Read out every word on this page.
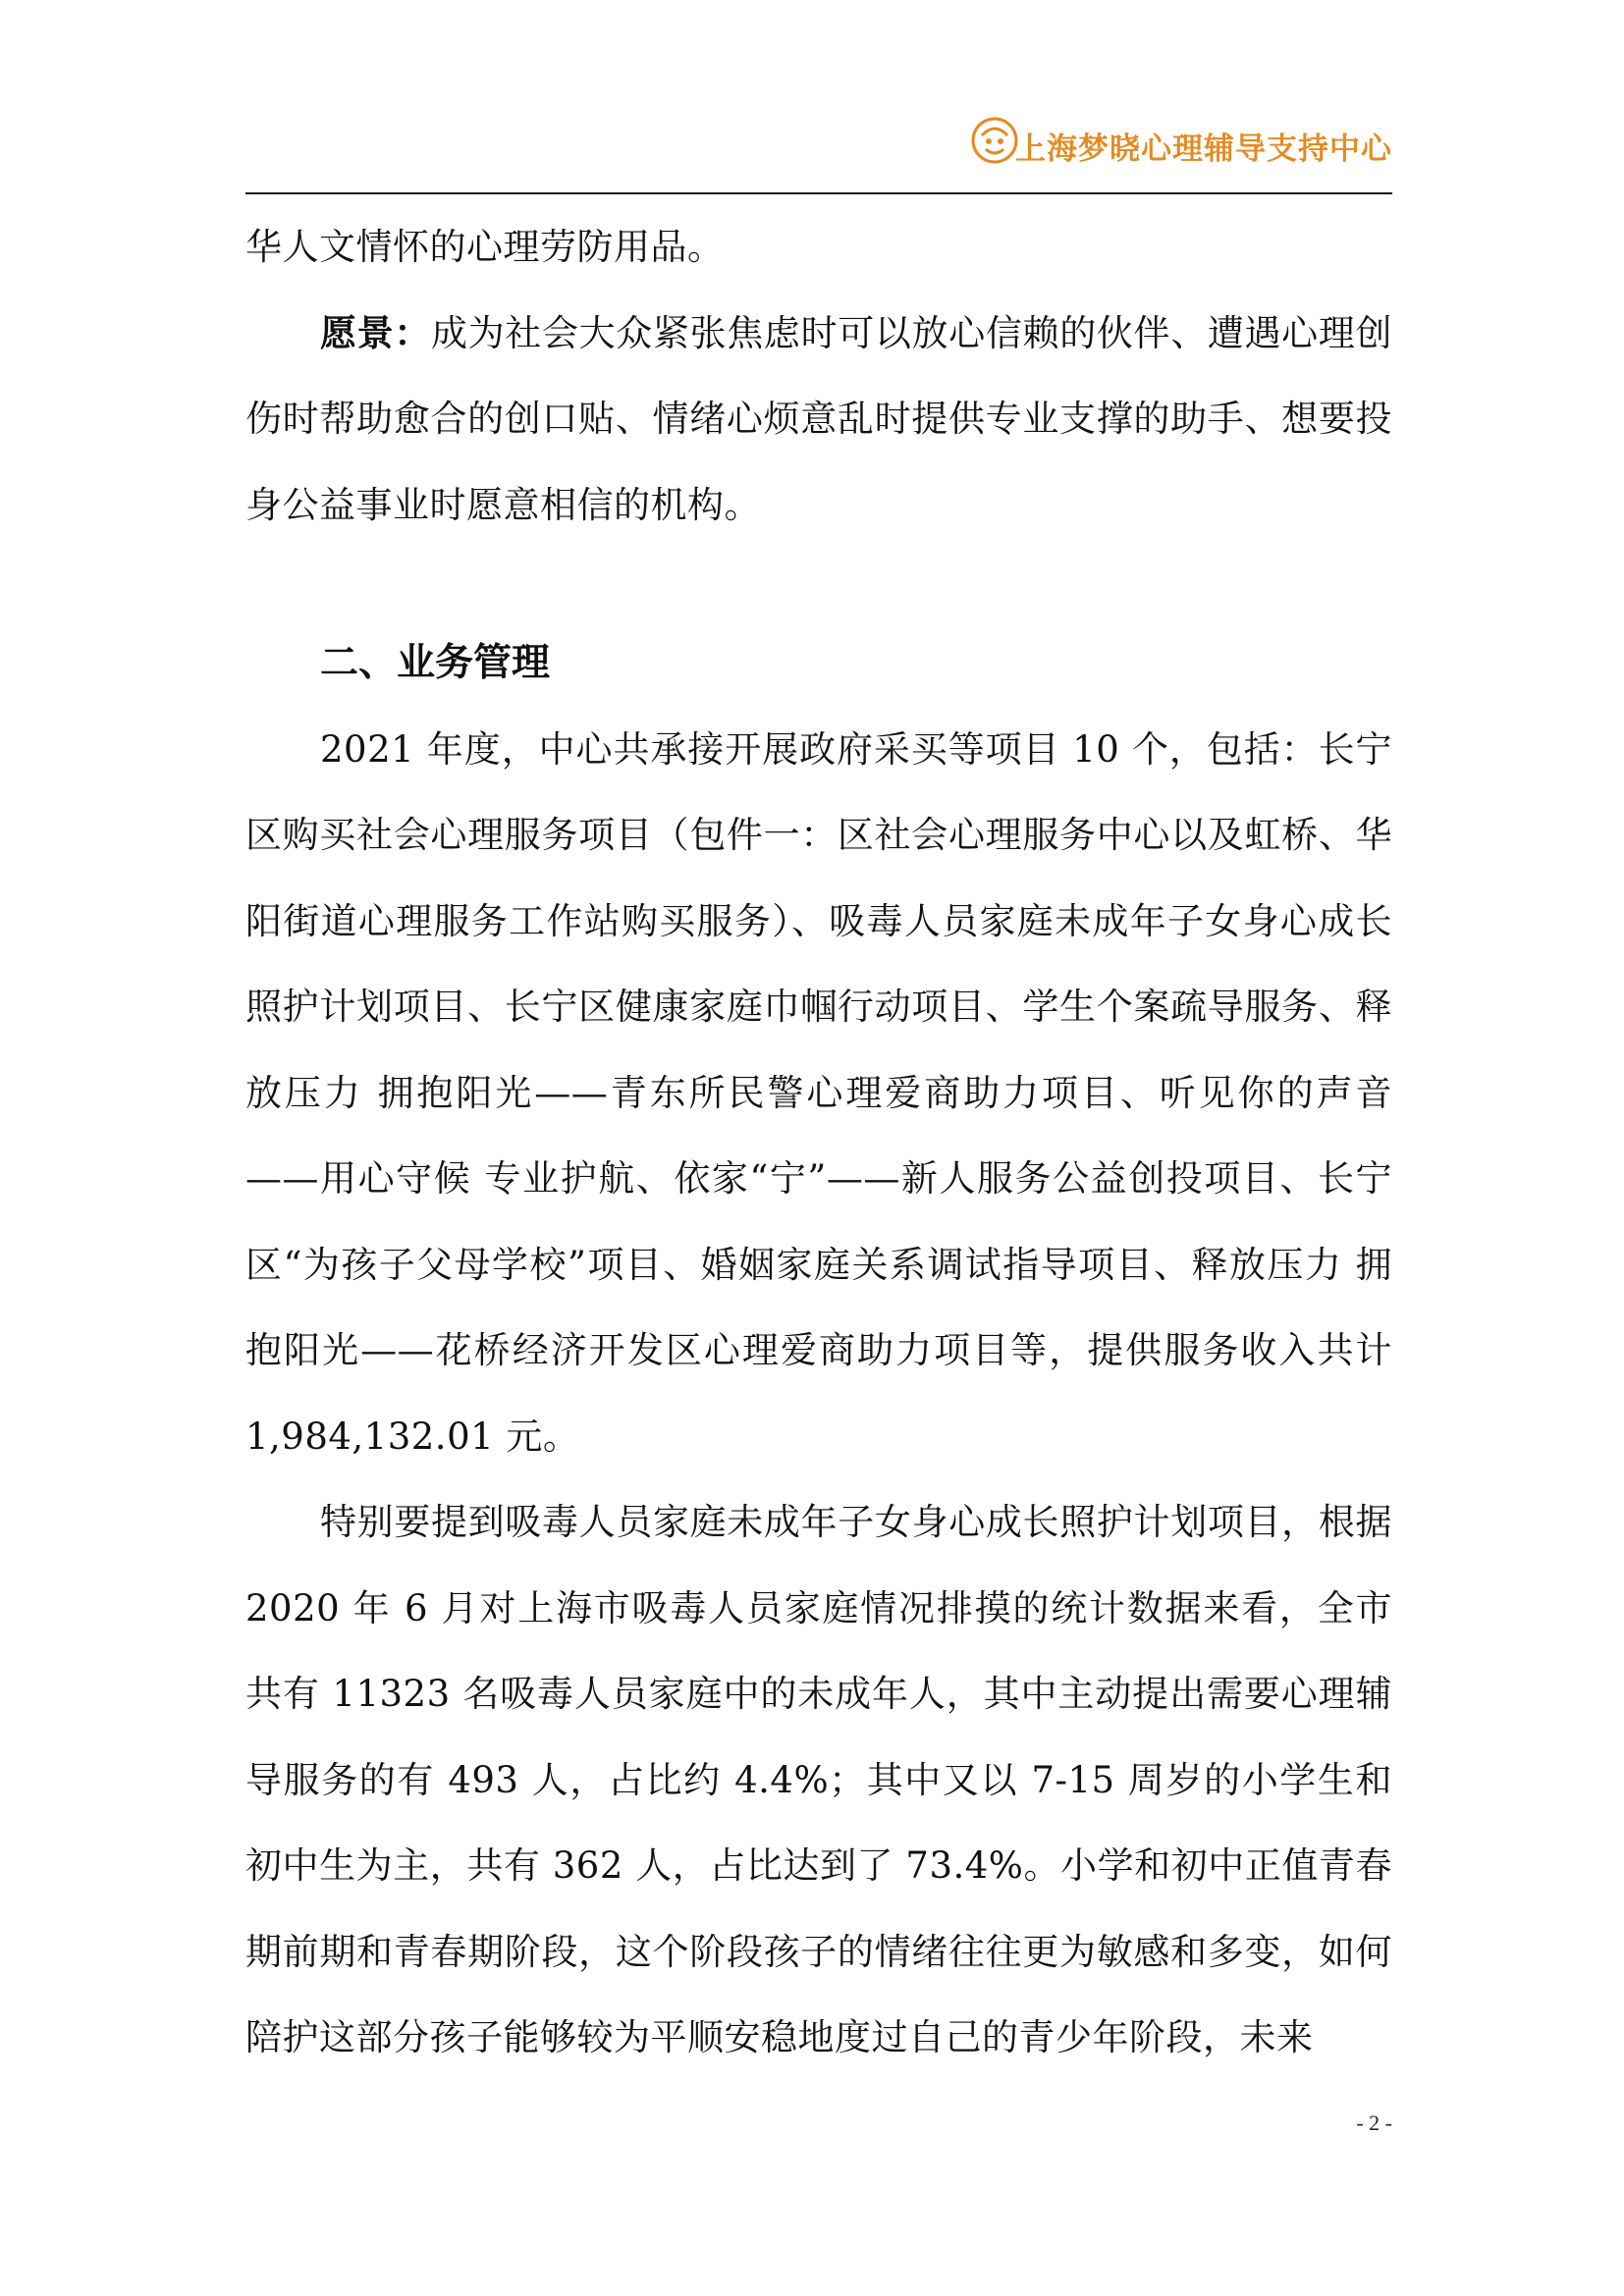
上海梦晓心理辅导支持中心

华人文情怀的心理劳防用品。

愿景：成为社会大众紧张焦虑时可以放心信赖的伙伴、遭遇心理创伤时帮助愈合的创口贴、情绪心烦意乱时提供专业支撑的助手、想要投身公益事业时愿意相信的机构。

二、业务管理

2021 年度，中心共承接开展政府采买等项目 10 个，包括：长宁区购买社会心理服务项目（包件一：区社会心理服务中心以及虹桥、华阳街道心理服务工作站购买服务）、吸毒人员家庭未成年子女身心成长照护计划项目、长宁区健康家庭巾帼行动项目、学生个案疏导服务、释放压力 拥抱阳光——青东所民警心理爱商助力项目、听见你的声音——用心守候 专业护航、依家“宁”——新人服务公益创投项目、长宁区“为孩子父母学校”项目、婚姻家庭关系调试指导项目、释放压力 拥抱阳光——花桥经济开发区心理爱商助力项目等，提供服务收入共计 1,984,132.01 元。

特别要提到吸毒人员家庭未成年子女身心成长照护计划项目，根据 2020 年 6 月对上海市吸毒人员家庭情况排摸的统计数据来看，全市共有 11323 名吸毒人员家庭中的未成年人，其中主动提出需要心理辅导服务的有 493 人，占比约 4.4%；其中又以 7-15 周岁的小学生和初中生为主，共有 362 人，占比达到了 73.4%。小学和初中正值青春期前期和青春期阶段，这个阶段孩子的情绪往往更为敏感和多变，如何陪护这部分孩子能够较为平顺安稳地度过自己的青少年阶段，未来

- 2 -
